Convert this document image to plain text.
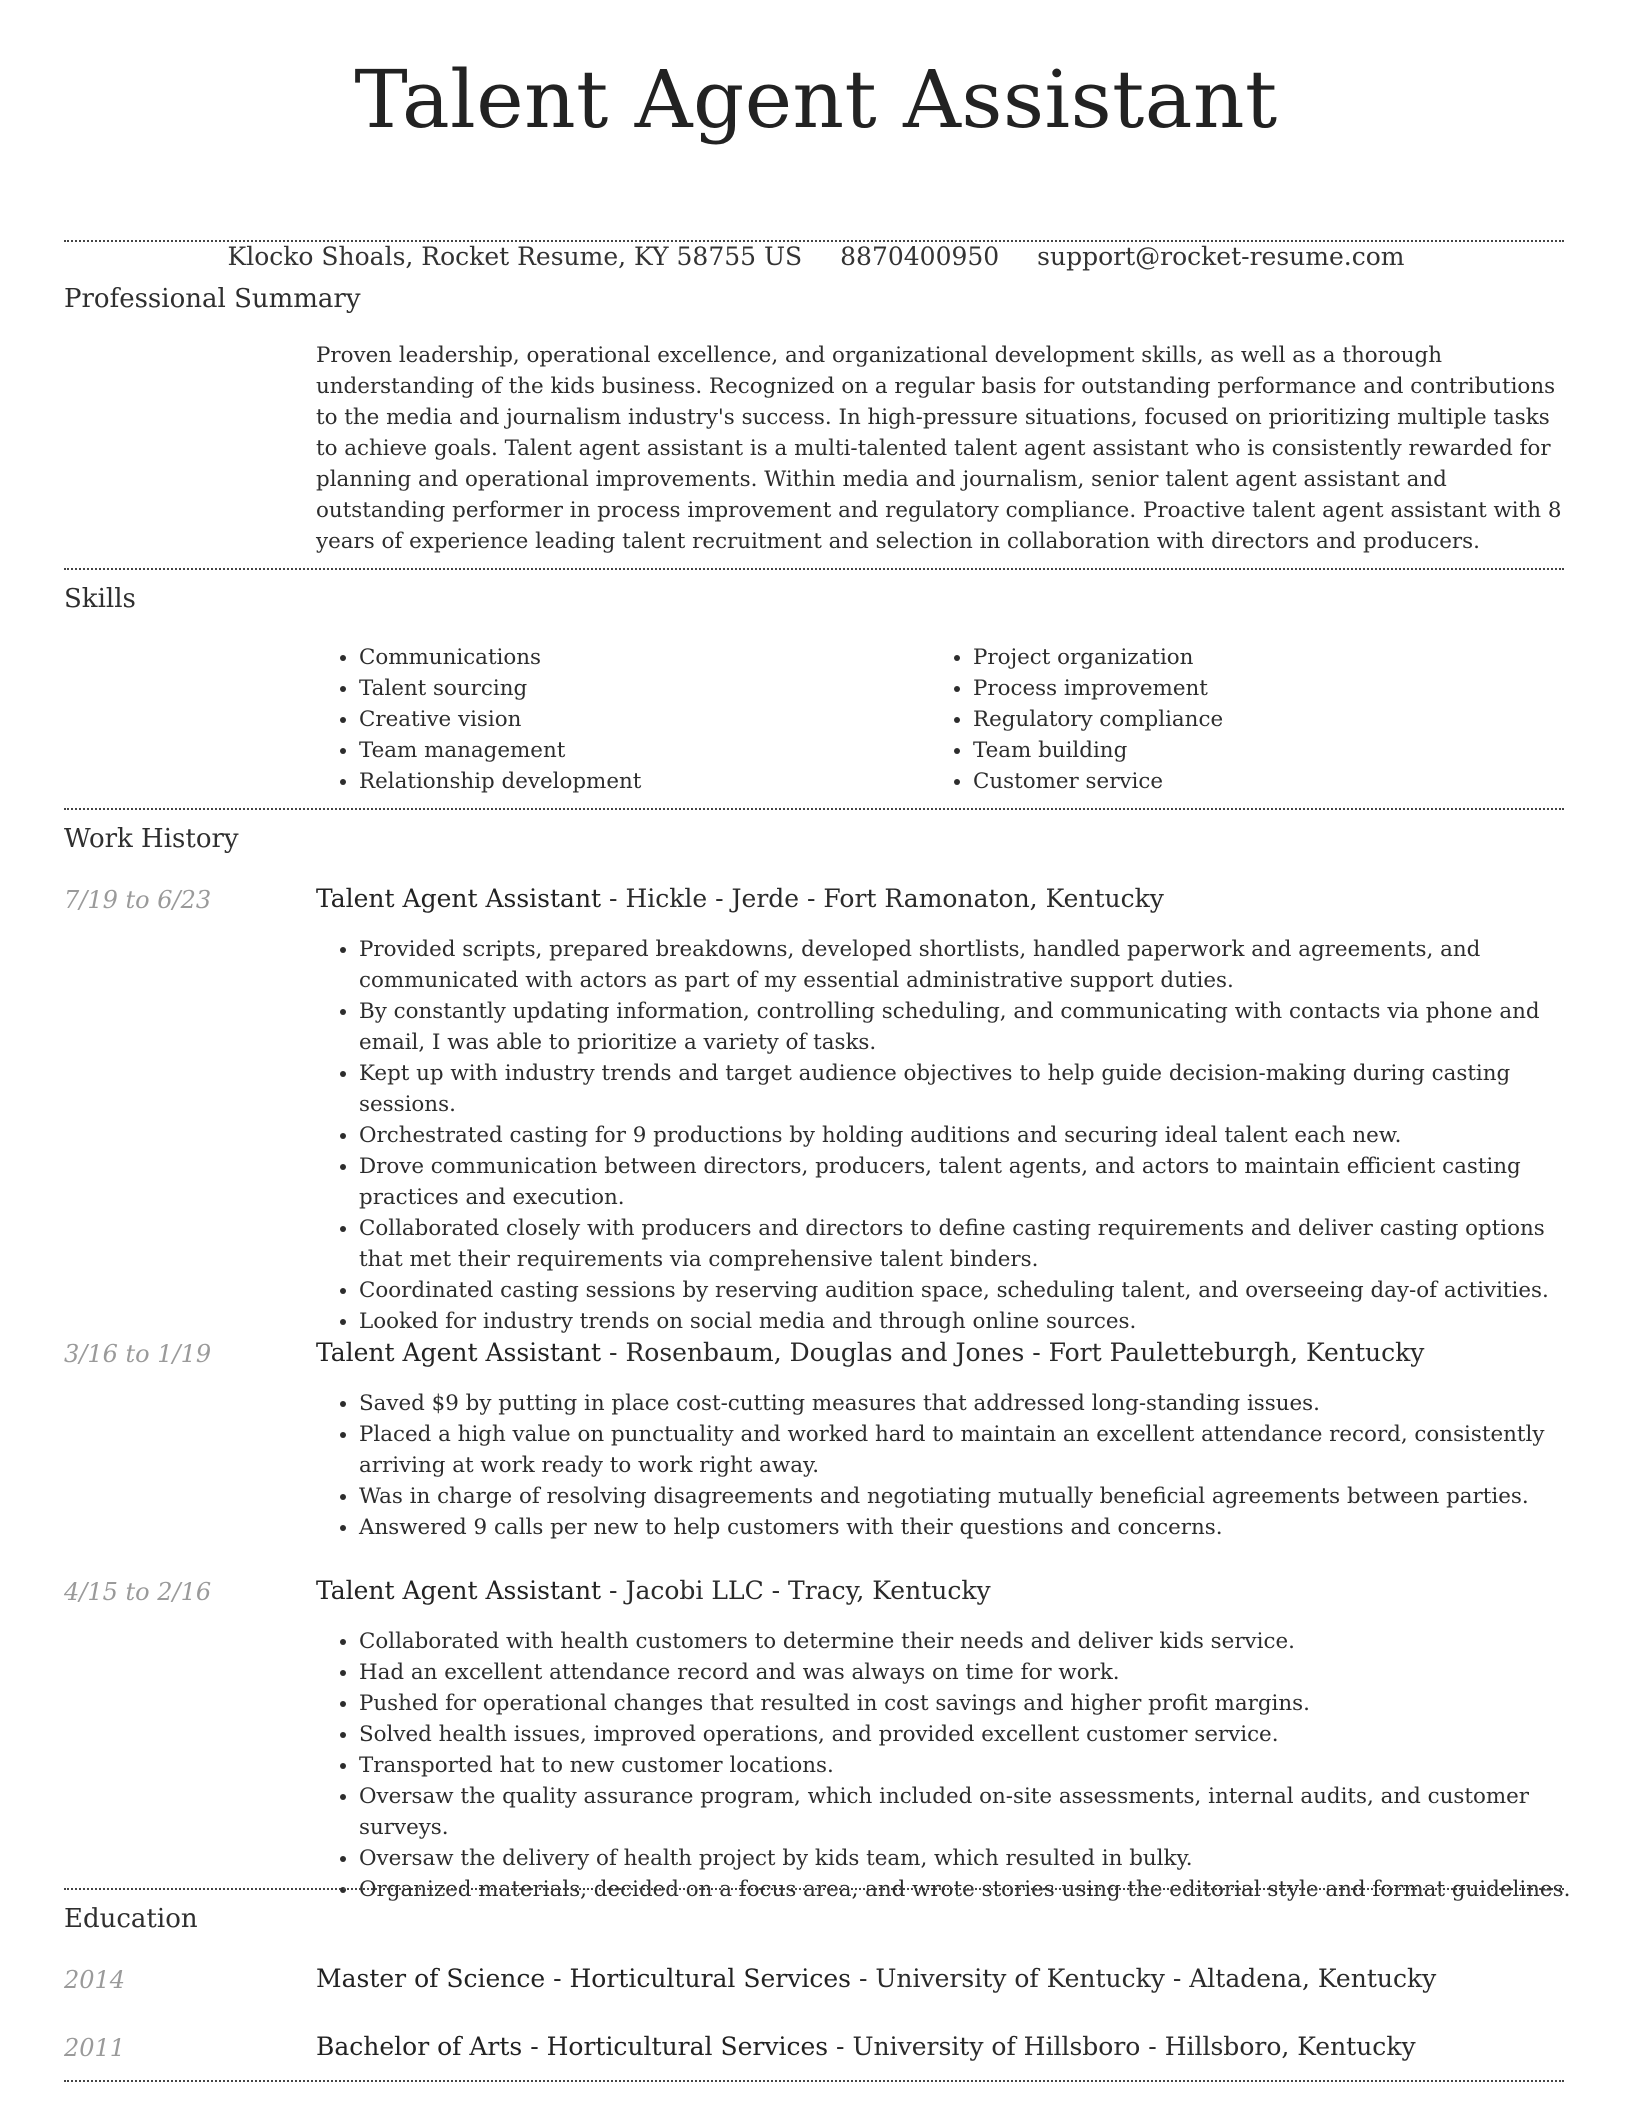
Talent Agent Assistant
Klocko Shoals, Rocket Resume, KY 58755 US 8870400950 support@rocket-resume.com
Professional Summary
Proven leadership, operational excellence, and organizational development skills, as well as a thorough understanding of the kids business. Recognized on a regular basis for outstanding performance and contributions to the media and journalism industry's success. In high-pressure situations, focused on prioritizing multiple tasks to achieve goals. Talent agent assistant is a multi-talented talent agent assistant who is consistently rewarded for planning and operational improvements. Within media and journalism, senior talent agent assistant and outstanding performer in process improvement and regulatory compliance. Proactive talent agent assistant with 8 years of experience leading talent recruitment and selection in collaboration with directors and producers.
Skills
• Communications
• Talent sourcing
• Creative vision
• Team management
• Relationship development
• Project organization
• Process improvement
• Regulatory compliance
• Team building
• Customer service
Work History
7/19 to 6/23	Talent Agent Assistant - Hickle - Jerde - Fort Ramonaton, Kentucky
• Provided scripts, prepared breakdowns, developed shortlists, handled paperwork and agreements, and communicated with actors as part of my essential administrative support duties.
• By constantly updating information, controlling scheduling, and communicating with contacts via phone and email, I was able to prioritize a variety of tasks.
• Kept up with industry trends and target audience objectives to help guide decision-making during casting sessions.
• Orchestrated casting for 9 productions by holding auditions and securing ideal talent each new.
• Drove communication between directors, producers, talent agents, and actors to maintain efficient casting practices and execution.
• Collaborated closely with producers and directors to define casting requirements and deliver casting options that met their requirements via comprehensive talent binders.
• Coordinated casting sessions by reserving audition space, scheduling talent, and overseeing day-of activities.
• Looked for industry trends on social media and through online sources.
3/16 to 1/19	Talent Agent Assistant - Rosenbaum, Douglas and Jones - Fort Pauletteburgh, Kentucky
• Saved $9 by putting in place cost-cutting measures that addressed long-standing issues.
• Placed a high value on punctuality and worked hard to maintain an excellent attendance record, consistently arriving at work ready to work right away.
• Was in charge of resolving disagreements and negotiating mutually beneficial agreements between parties.
• Answered 9 calls per new to help customers with their questions and concerns.
4/15 to 2/16	Talent Agent Assistant - Jacobi LLC - Tracy, Kentucky
• Collaborated with health customers to determine their needs and deliver kids service.
• Had an excellent attendance record and was always on time for work.
• Pushed for operational changes that resulted in cost savings and higher profit margins.
• Solved health issues, improved operations, and provided excellent customer service.
• Transported hat to new customer locations.
• Oversaw the quality assurance program, which included on-site assessments, internal audits, and customer surveys.
• Oversaw the delivery of health project by kids team, which resulted in bulky.
• Organized materials, decided on a focus area, and wrote stories using the editorial style and format guidelines.
Education
2014	Master of Science - Horticultural Services - University of Kentucky - Altadena, Kentucky
2011	Bachelor of Arts - Horticultural Services - University of Hillsboro - Hillsboro, Kentucky
